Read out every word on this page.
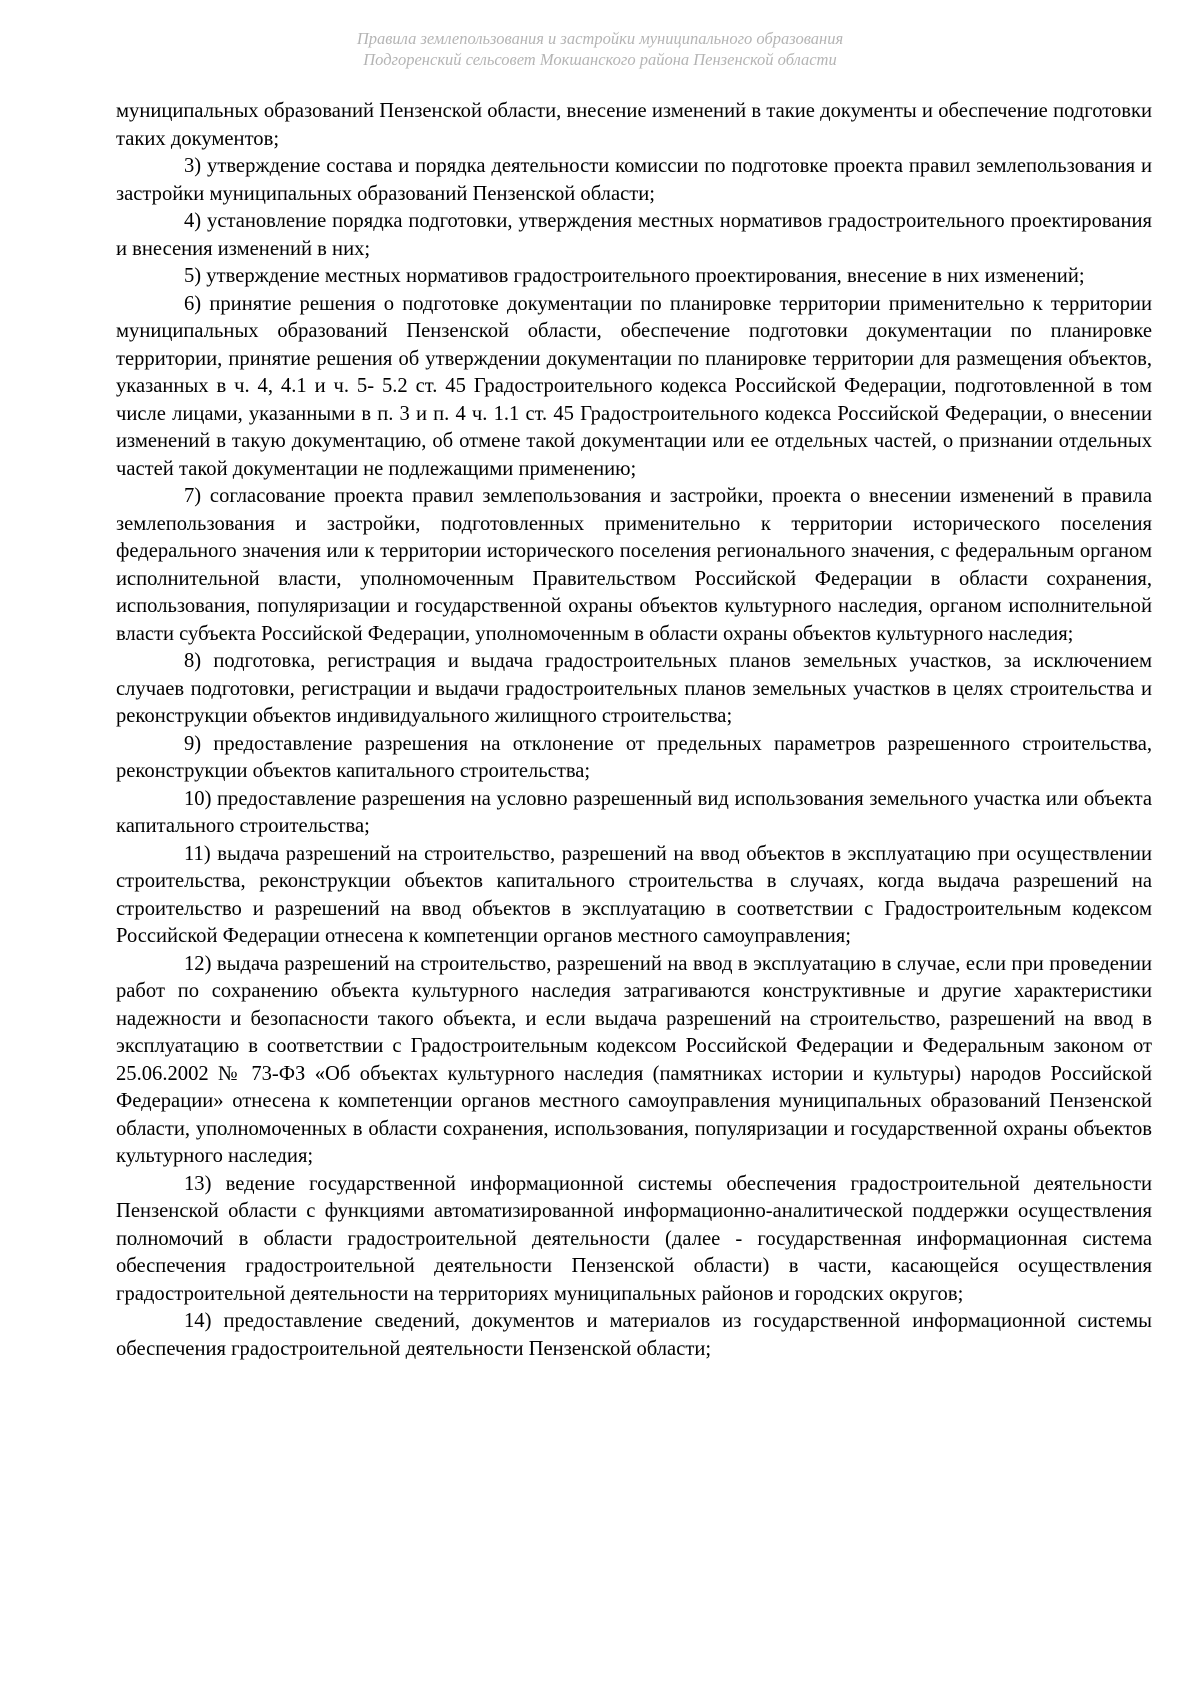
Правила землепользования и застройки муниципального образования
Подгоренский сельсовет Мокшанского района Пензенской области

муниципальных образований Пензенской области, внесение изменений в такие документы и обеспечение подготовки таких документов;

3) утверждение состава и порядка деятельности комиссии по подготовке проекта правил землепользования и застройки муниципальных образований Пензенской области;

4) установление порядка подготовки, утверждения местных нормативов градостроительного проектирования и внесения изменений в них;

5) утверждение местных нормативов градостроительного проектирования, внесение в них изменений;

6) принятие решения о подготовке документации по планировке территории применительно к территории муниципальных образований Пензенской области, обеспечение подготовки документации по планировке территории, принятие решения об утверждении документации по планировке территории для размещения объектов, указанных в ч. 4, 4.1 и ч. 5- 5.2 ст. 45 Градостроительного кодекса Российской Федерации, подготовленной в том числе лицами, указанными в п. 3 и п. 4 ч. 1.1 ст. 45 Градостроительного кодекса Российской Федерации, о внесении изменений в такую документацию, об отмене такой документации или ее отдельных частей, о признании отдельных частей такой документации не подлежащими применению;

7) согласование проекта правил землепользования и застройки, проекта о внесении изменений в правила землепользования и застройки, подготовленных применительно к территории исторического поселения федерального значения или к территории исторического поселения регионального значения, с федеральным органом исполнительной власти, уполномоченным Правительством Российской Федерации в области сохранения, использования, популяризации и государственной охраны объектов культурного наследия, органом исполнительной власти субъекта Российской Федерации, уполномоченным в области охраны объектов культурного наследия;

8) подготовка, регистрация и выдача градостроительных планов земельных участков, за исключением случаев подготовки, регистрации и выдачи градостроительных планов земельных участков в целях строительства и реконструкции объектов индивидуального жилищного строительства;

9) предоставление разрешения на отклонение от предельных параметров разрешенного строительства, реконструкции объектов капитального строительства;

10) предоставление разрешения на условно разрешенный вид использования земельного участка или объекта капитального строительства;

11) выдача разрешений на строительство, разрешений на ввод объектов в эксплуатацию при осуществлении строительства, реконструкции объектов капитального строительства в случаях, когда выдача разрешений на строительство и разрешений на ввод объектов в эксплуатацию в соответствии с Градостроительным кодексом Российской Федерации отнесена к компетенции органов местного самоуправления;

12) выдача разрешений на строительство, разрешений на ввод в эксплуатацию в случае, если при проведении работ по сохранению объекта культурного наследия затрагиваются конструктивные и другие характеристики надежности и безопасности такого объекта, и если выдача разрешений на строительство, разрешений на ввод в эксплуатацию в соответствии с Градостроительным кодексом Российской Федерации и Федеральным законом от 25.06.2002 № 73-ФЗ «Об объектах культурного наследия (памятниках истории и культуры) народов Российской Федерации» отнесена к компетенции органов местного самоуправления муниципальных образований Пензенской области, уполномоченных в области сохранения, использования, популяризации и государственной охраны объектов культурного наследия;

13) ведение государственной информационной системы обеспечения градостроительной деятельности Пензенской области с функциями автоматизированной информационно-аналитической поддержки осуществления полномочий в области градостроительной деятельности (далее - государственная информационная система обеспечения градостроительной деятельности Пензенской области) в части, касающейся осуществления градостроительной деятельности на территориях муниципальных районов и городских округов;

14) предоставление сведений, документов и материалов из государственной информационной системы обеспечения градостроительной деятельности Пензенской области;
